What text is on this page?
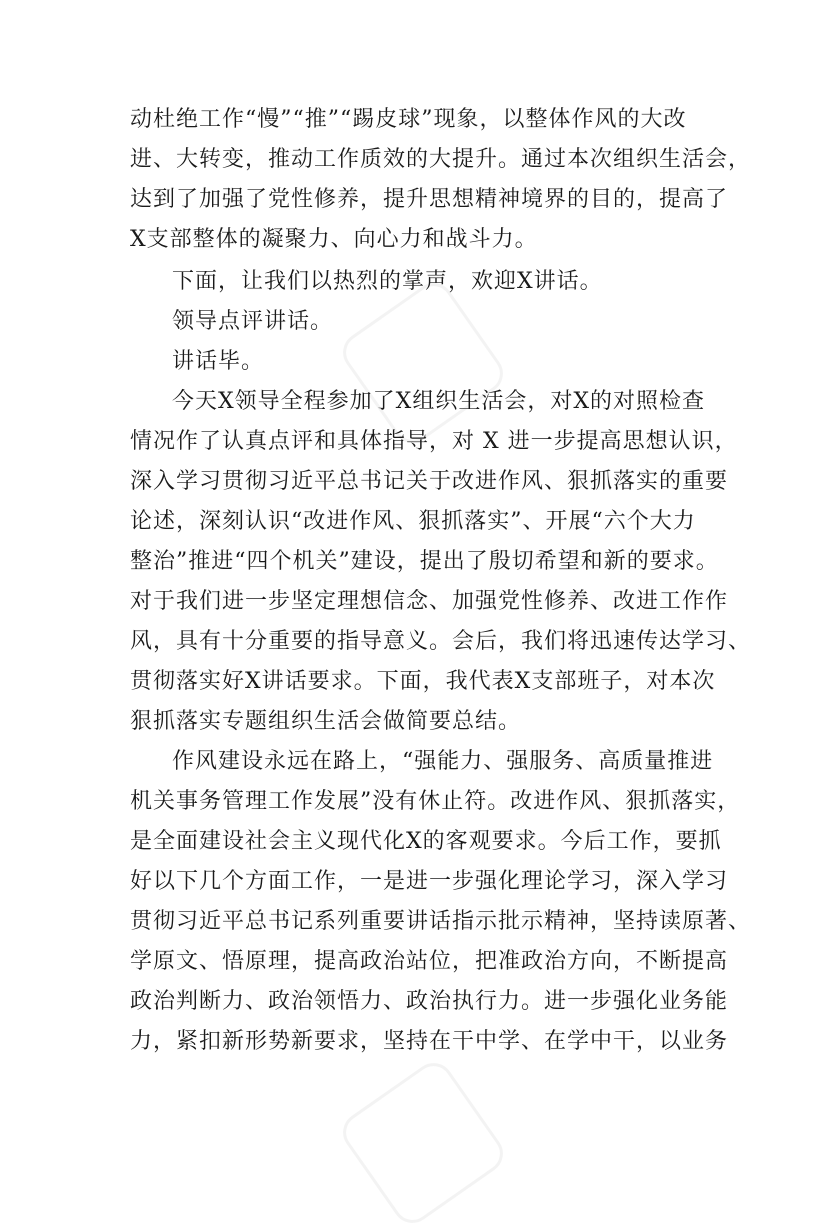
动杜绝工作“慢”“推”“踢皮球”现象，以整体作风的大改
进、大转变，推动工作质效的大提升。通过本次组织生活会，
达到了加强了党性修养，提升思想精神境界的目的，提高了
X支部整体的凝聚力、向心力和战斗力。
下面，让我们以热烈的掌声，欢迎X讲话。
领导点评讲话。
讲话毕。
今天X领导全程参加了X组织生活会，对X的对照检查
情况作了认真点评和具体指导，对 X 进一步提高思想认识，
深入学习贯彻习近平总书记关于改进作风、狠抓落实的重要
论述，深刻认识“改进作风、狠抓落实”、开展“六个大力
整治”推进“四个机关”建设，提出了殷切希望和新的要求。
对于我们进一步坚定理想信念、加强党性修养、改进工作作
风，具有十分重要的指导意义。会后，我们将迅速传达学习、
贯彻落实好X讲话要求。下面，我代表X支部班子，对本次
狠抓落实专题组织生活会做简要总结。
作风建设永远在路上，“强能力、强服务、高质量推进
机关事务管理工作发展”没有休止符。改进作风、狠抓落实，
是全面建设社会主义现代化X的客观要求。今后工作，要抓
好以下几个方面工作，一是进一步强化理论学习，深入学习
贯彻习近平总书记系列重要讲话指示批示精神，坚持读原著、
学原文、悟原理，提高政治站位，把准政治方向，不断提高
政治判断力、政治领悟力、政治执行力。进一步强化业务能
力，紧扣新形势新要求，坚持在干中学、在学中干，以业务
